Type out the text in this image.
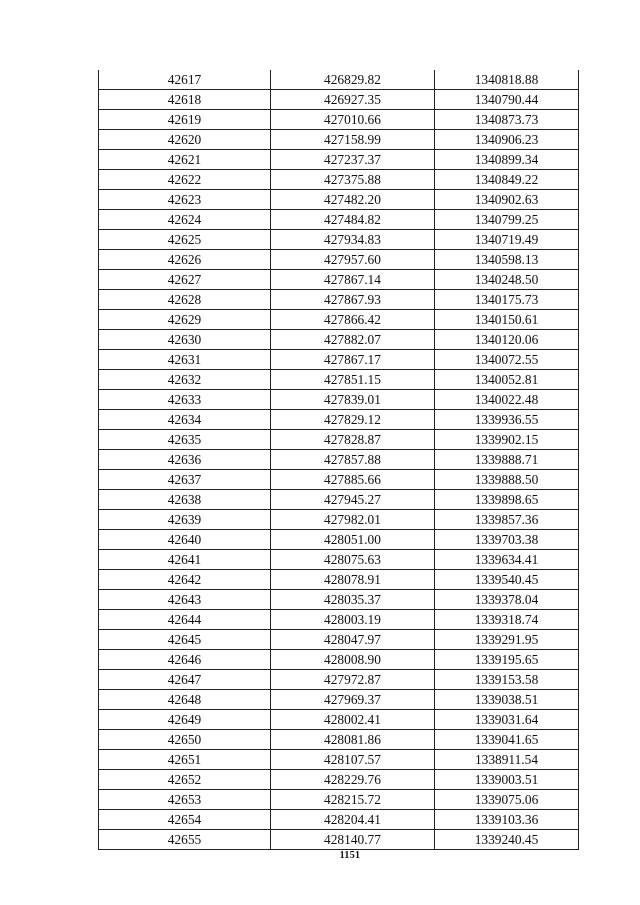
42617	426829.82	1340818.88
42618	426927.35	1340790.44
42619	427010.66	1340873.73
42620	427158.99	1340906.23
42621	427237.37	1340899.34
42622	427375.88	1340849.22
42623	427482.20	1340902.63
42624	427484.82	1340799.25
42625	427934.83	1340719.49
42626	427957.60	1340598.13
42627	427867.14	1340248.50
42628	427867.93	1340175.73
42629	427866.42	1340150.61
42630	427882.07	1340120.06
42631	427867.17	1340072.55
42632	427851.15	1340052.81
42633	427839.01	1340022.48
42634	427829.12	1339936.55
42635	427828.87	1339902.15
42636	427857.88	1339888.71
42637	427885.66	1339888.50
42638	427945.27	1339898.65
42639	427982.01	1339857.36
42640	428051.00	1339703.38
42641	428075.63	1339634.41
42642	428078.91	1339540.45
42643	428035.37	1339378.04
42644	428003.19	1339318.74
42645	428047.97	1339291.95
42646	428008.90	1339195.65
42647	427972.87	1339153.58
42648	427969.37	1339038.51
42649	428002.41	1339031.64
42650	428081.86	1339041.65
42651	428107.57	1338911.54
42652	428229.76	1339003.51
42653	428215.72	1339075.06
42654	428204.41	1339103.36
42655	428140.77	1339240.45
1151
